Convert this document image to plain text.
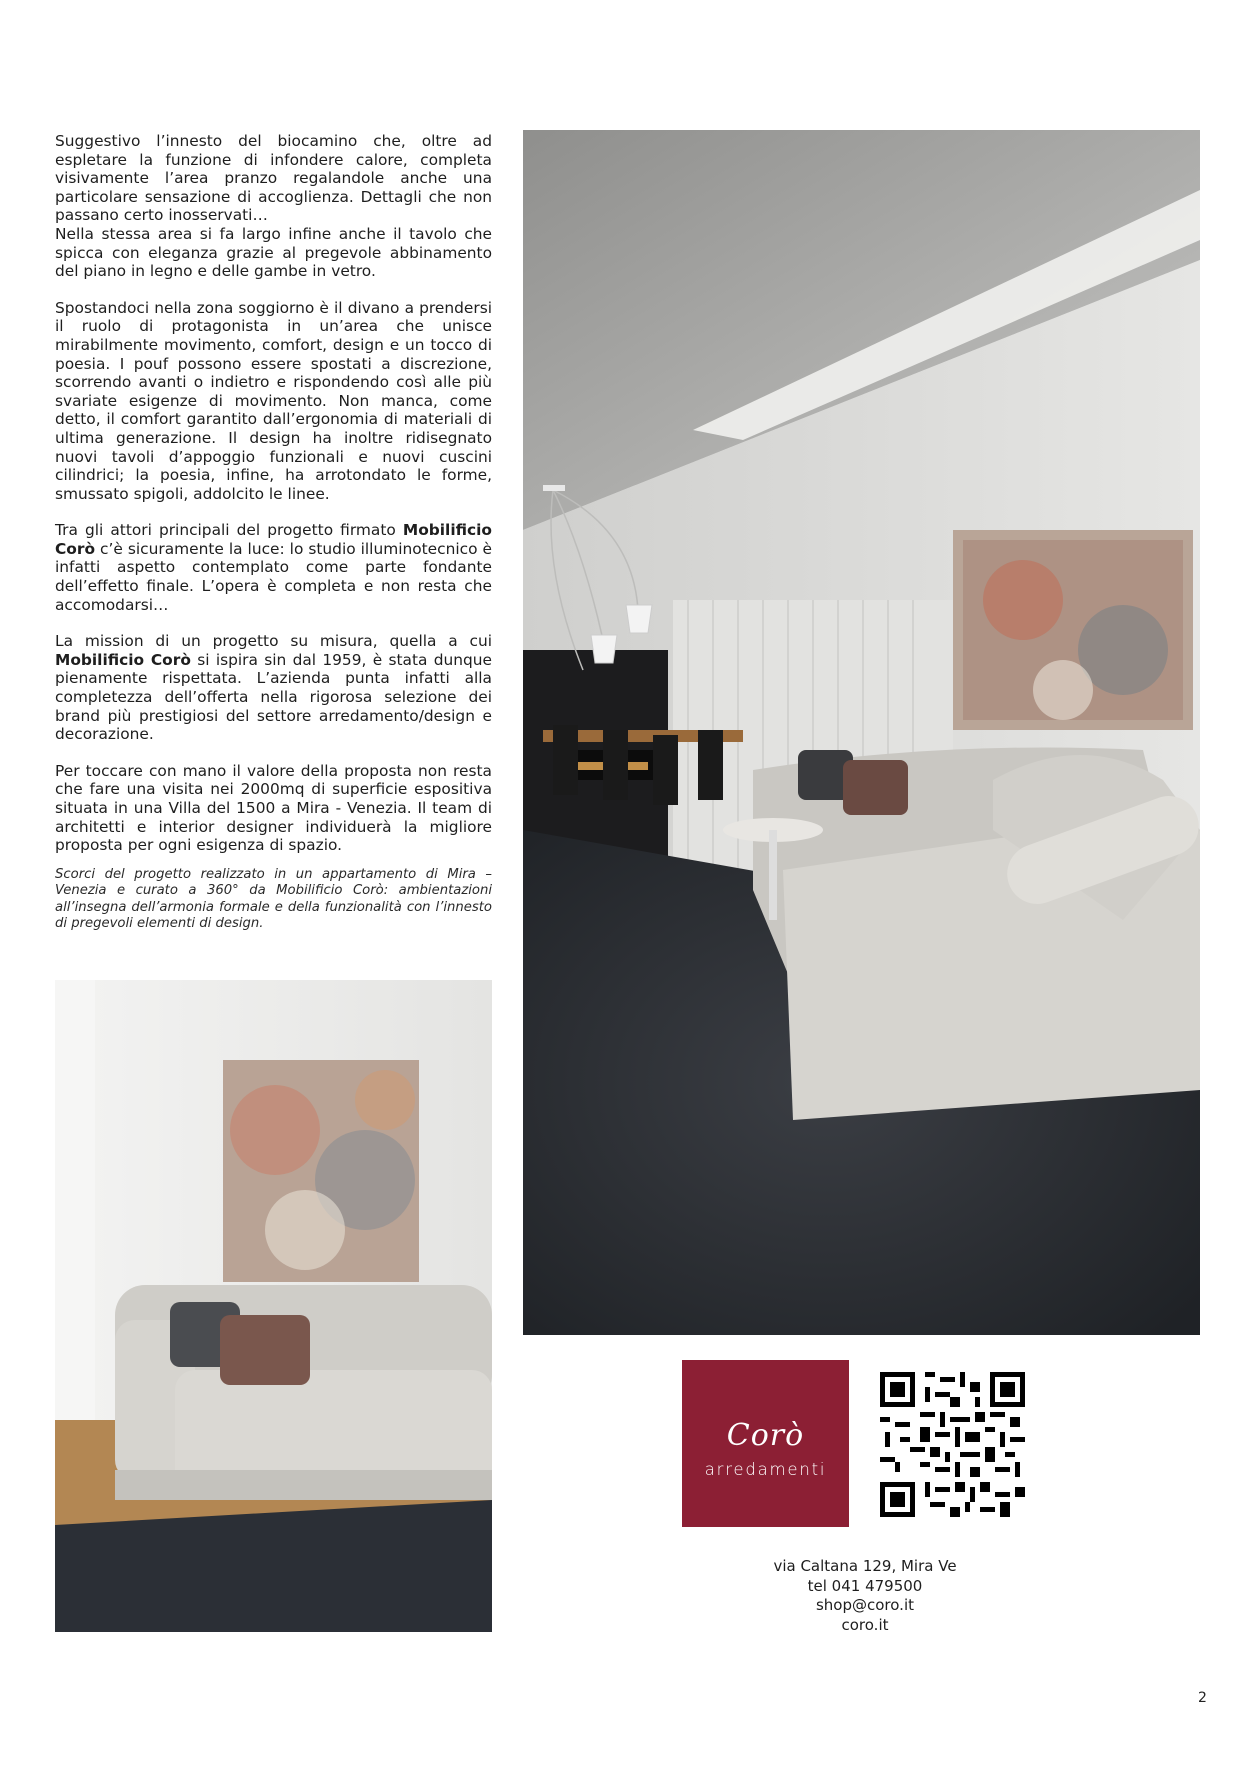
Suggestivo l’innesto del biocamino che, oltre ad espletare la funzione di infondere calore, completa visivamente l’area pranzo regalandole anche una particolare sensazione di accoglienza. Dettagli che non passano certo inosservati…

Nella stessa area si fa largo infine anche il tavolo che spicca con eleganza grazie al pregevole abbinamento del piano in legno e delle gambe in vetro.

Spostandoci nella zona soggiorno è il divano a prendersi il ruolo di protagonista in un’area che unisce mirabilmente movimento, comfort, design e un tocco di poesia. I pouf possono essere spostati a discrezione, scorrendo avanti o indietro e rispondendo così alle più svariate esigenze di movimento. Non manca, come detto, il comfort garantito dall’ergonomia di materiali di ultima generazione. Il design ha inoltre ridisegnato nuovi tavoli d’appoggio funzionali e nuovi cuscini cilindrici; la poesia, infine, ha arrotondato le forme, smussato spigoli, addolcito le linee.

Tra gli attori principali del progetto firmato Mobilificio Corò c’è sicuramente la luce: lo studio illuminotecnico è infatti aspetto contemplato come parte fondante dell’effetto finale. L’opera è completa e non resta che accomodarsi…

La mission di un progetto su misura, quella a cui Mobilificio Corò si ispira sin dal 1959, è stata dunque pienamente rispettata. L’azienda punta infatti alla completezza dell’offerta nella rigorosa selezione dei brand più prestigiosi del settore arredamento/design e decorazione.

Per toccare con mano il valore della proposta non resta che fare una visita nei 2000mq di superficie espositiva situata in una Villa del 1500 a Mira - Venezia. Il team di architetti e interior designer individuerà la migliore proposta per ogni esigenza di spazio.

Scorci del progetto realizzato in un appartamento di Mira – Venezia e curato a 360° da Mobilificio Corò: ambientazioni all’insegna dell’armonia formale e della funzionalità con l’innesto di pregevoli elementi di design.

Corò
arredamenti
via Caltana 129, Mira Ve
tel 041 479500
shop@coro.it
coro.it
2
